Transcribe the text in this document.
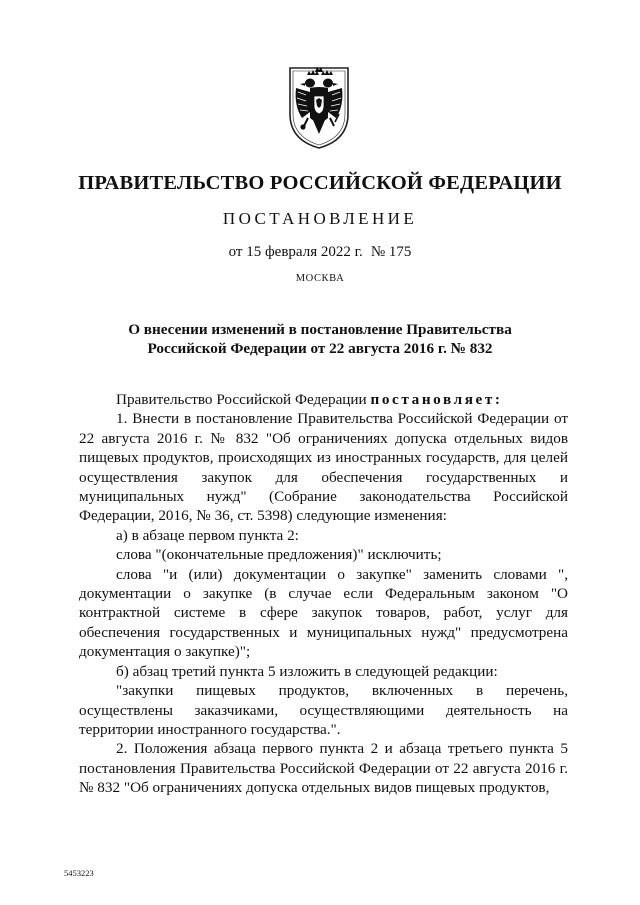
ПРАВИТЕЛЬСТВО РОССИЙСКОЙ ФЕДЕРАЦИИ
ПОСТАНОВЛЕНИЕ
от 15 февраля 2022 г. № 175
МОСКВА
О внесении изменений в постановление Правительства
Российской Федерации от 22 августа 2016 г. № 832

Правительство Российской Федерации постановляет:

1. Внести в постановление Правительства Российской Федерации от 22 августа 2016 г. № 832 "Об ограничениях допуска отдельных видов пищевых продуктов, происходящих из иностранных государств, для целей осуществления закупок для обеспечения государственных и муниципальных нужд" (Собрание законодательства Российской Федерации, 2016, № 36, ст. 5398) следующие изменения:

а) в абзаце первом пункта 2:

слова "(окончательные предложения)" исключить;

слова "и (или) документации о закупке" заменить словами ", документации о закупке (в случае если Федеральным законом "О контрактной системе в сфере закупок товаров, работ, услуг для обеспечения государственных и муниципальных нужд" предусмотрена документация о закупке)";

б) абзац третий пункта 5 изложить в следующей редакции:

"закупки пищевых продуктов, включенных в перечень, осуществлены заказчиками, осуществляющими деятельность на территории иностранного государства.".

2. Положения абзаца первого пункта 2 и абзаца третьего пункта 5 постановления Правительства Российской Федерации от 22 августа 2016 г. № 832 "Об ограничениях допуска отдельных видов пищевых продуктов,

5453223
